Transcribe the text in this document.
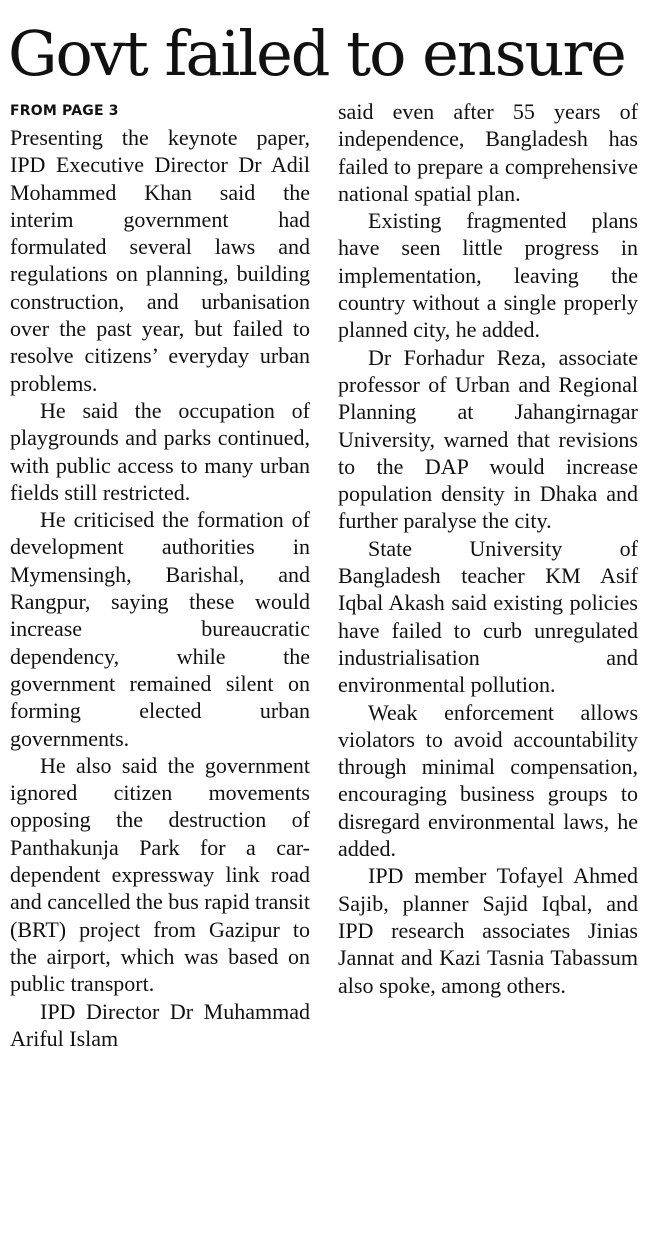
Govt failed to ensure
FROM PAGE 3

Presenting the keynote paper, IPD Executive Director Dr Adil Mohammed Khan said the interim government had formulated several laws and regulations on planning, building construction, and urbanisation over the past year, but failed to resolve citizens’ everyday urban problems.

He said the occupation of playgrounds and parks continued, with public access to many urban fields still restricted.

He criticised the formation of development authorities in Mymensingh, Barishal, and Rangpur, saying these would increase bureaucratic dependency, while the government remained silent on forming elected urban governments.

He also said the government ignored citizen movements opposing the destruction of Panthakunja Park for a car-dependent expressway link road and cancelled the bus rapid transit (BRT) project from Gazipur to the airport, which was based on public transport.

IPD Director Dr Muhammad Ariful Islam

said even after 55 years of independence, Bangladesh has failed to prepare a comprehensive national spatial plan.

Existing fragmented plans have seen little progress in implementation, leaving the country without a single properly planned city, he added.

Dr Forhadur Reza, associate professor of Urban and Regional Planning at Jahangirnagar University, warned that revisions to the DAP would increase population density in Dhaka and further paralyse the city.

State University of Bangladesh teacher KM Asif Iqbal Akash said existing policies have failed to curb unregulated industrialisation and environmental pollution.

Weak enforcement allows violators to avoid accountability through minimal compensation, encouraging business groups to disregard environmental laws, he added.

IPD member Tofayel Ahmed Sajib, planner Sajid Iqbal, and IPD research associates Jinias Jannat and Kazi Tasnia Tabassum also spoke, among others.
